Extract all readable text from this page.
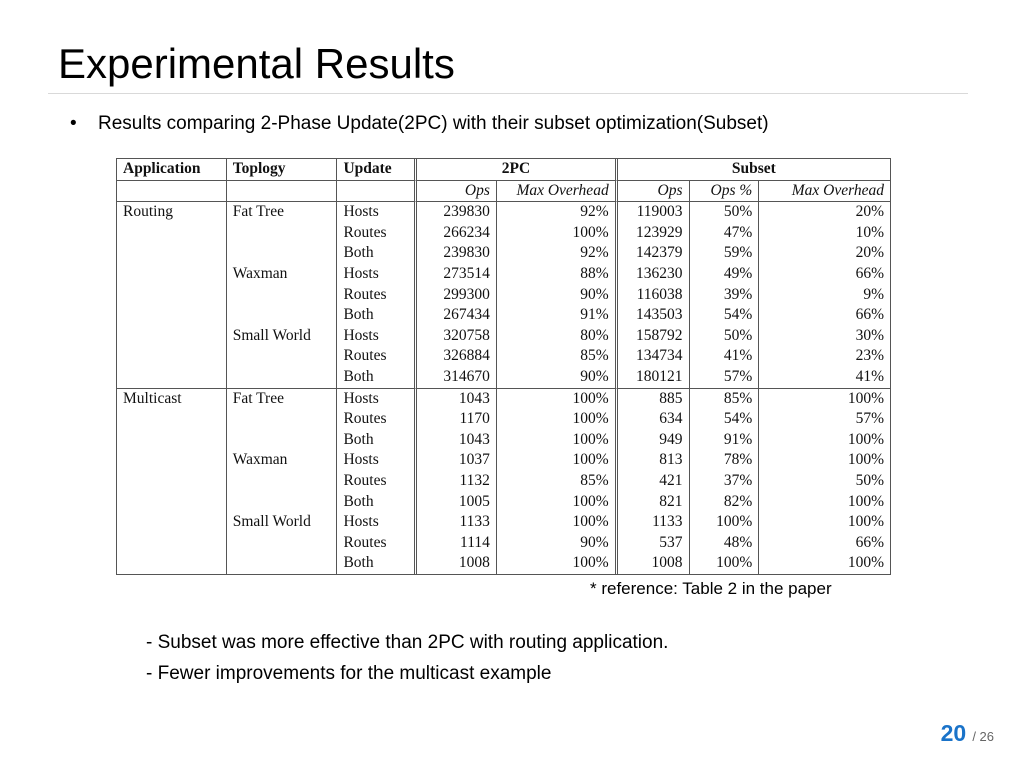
Experimental Results
• Results comparing 2-Phase Update(2PC) with their subset optimization(Subset)
Application	Toplogy	Update	2PC		Subset		
			Ops	Max Overhead	Ops	Ops %	Max Overhead
Routing	Fat Tree	Hosts	239830	92%	119003	50%	20%
		Routes	266234	100%	123929	47%	10%
		Both	239830	92%	142379	59%	20%
	Waxman	Hosts	273514	88%	136230	49%	66%
		Routes	299300	90%	116038	39%	9%
		Both	267434	91%	143503	54%	66%
	Small World	Hosts	320758	80%	158792	50%	30%
		Routes	326884	85%	134734	41%	23%
		Both	314670	90%	180121	57%	41%
Multicast	Fat Tree	Hosts	1043	100%	885	85%	100%
		Routes	1170	100%	634	54%	57%
		Both	1043	100%	949	91%	100%
	Waxman	Hosts	1037	100%	813	78%	100%
		Routes	1132	85%	421	37%	50%
		Both	1005	100%	821	82%	100%
	Small World	Hosts	1133	100%	1133	100%	100%
		Routes	1114	90%	537	48%	66%
		Both	1008	100%	1008	100%	100%
* reference: Table 2 in the paper
- Subset was more effective than 2PC with routing application.
- Fewer improvements for the multicast example
20 / 26
